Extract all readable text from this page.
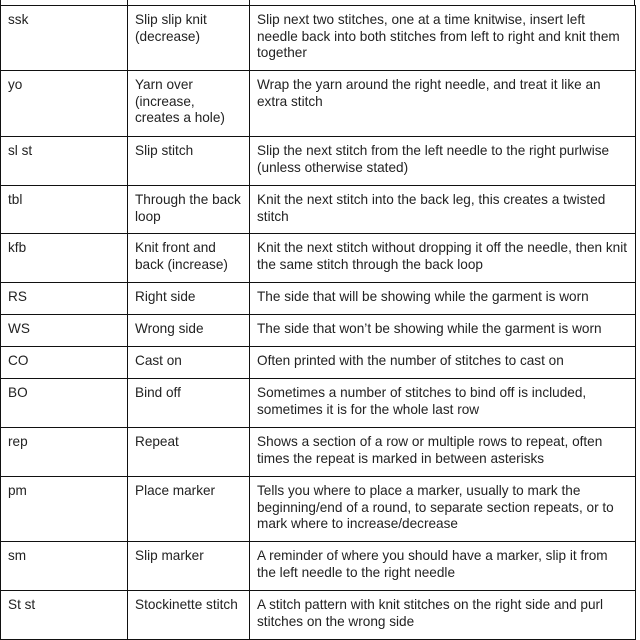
ssk	Slip slip knit (decrease)	Slip next two stitches, one at a time knitwise, insert left needle back into both stitches from left to right and knit them together
yo	Yarn over (increase, creates a hole)	Wrap the yarn around the right needle, and treat it like an extra stitch
sl st	Slip stitch	Slip the next stitch from the left needle to the right purlwise (unless otherwise stated)
tbl	Through the back loop	Knit the next stitch into the back leg, this creates a twisted stitch
kfb	Knit front and back (increase)	Knit the next stitch without dropping it off the needle, then knit the same stitch through the back loop
RS	Right side	The side that will be showing while the garment is worn
WS	Wrong side	The side that won’t be showing while the garment is worn
CO	Cast on	Often printed with the number of stitches to cast on
BO	Bind off	Sometimes a number of stitches to bind off is included, sometimes it is for the whole last row
rep	Repeat	Shows a section of a row or multiple rows to repeat, often times the repeat is marked in between asterisks
pm	Place marker	Tells you where to place a marker, usually to mark the beginning/end of a round, to separate section repeats, or to mark where to increase/decrease
sm	Slip marker	A reminder of where you should have a marker, slip it from the left needle to the right needle
St st	Stockinette stitch	A stitch pattern with knit stitches on the right side and purl stitches on the wrong side
